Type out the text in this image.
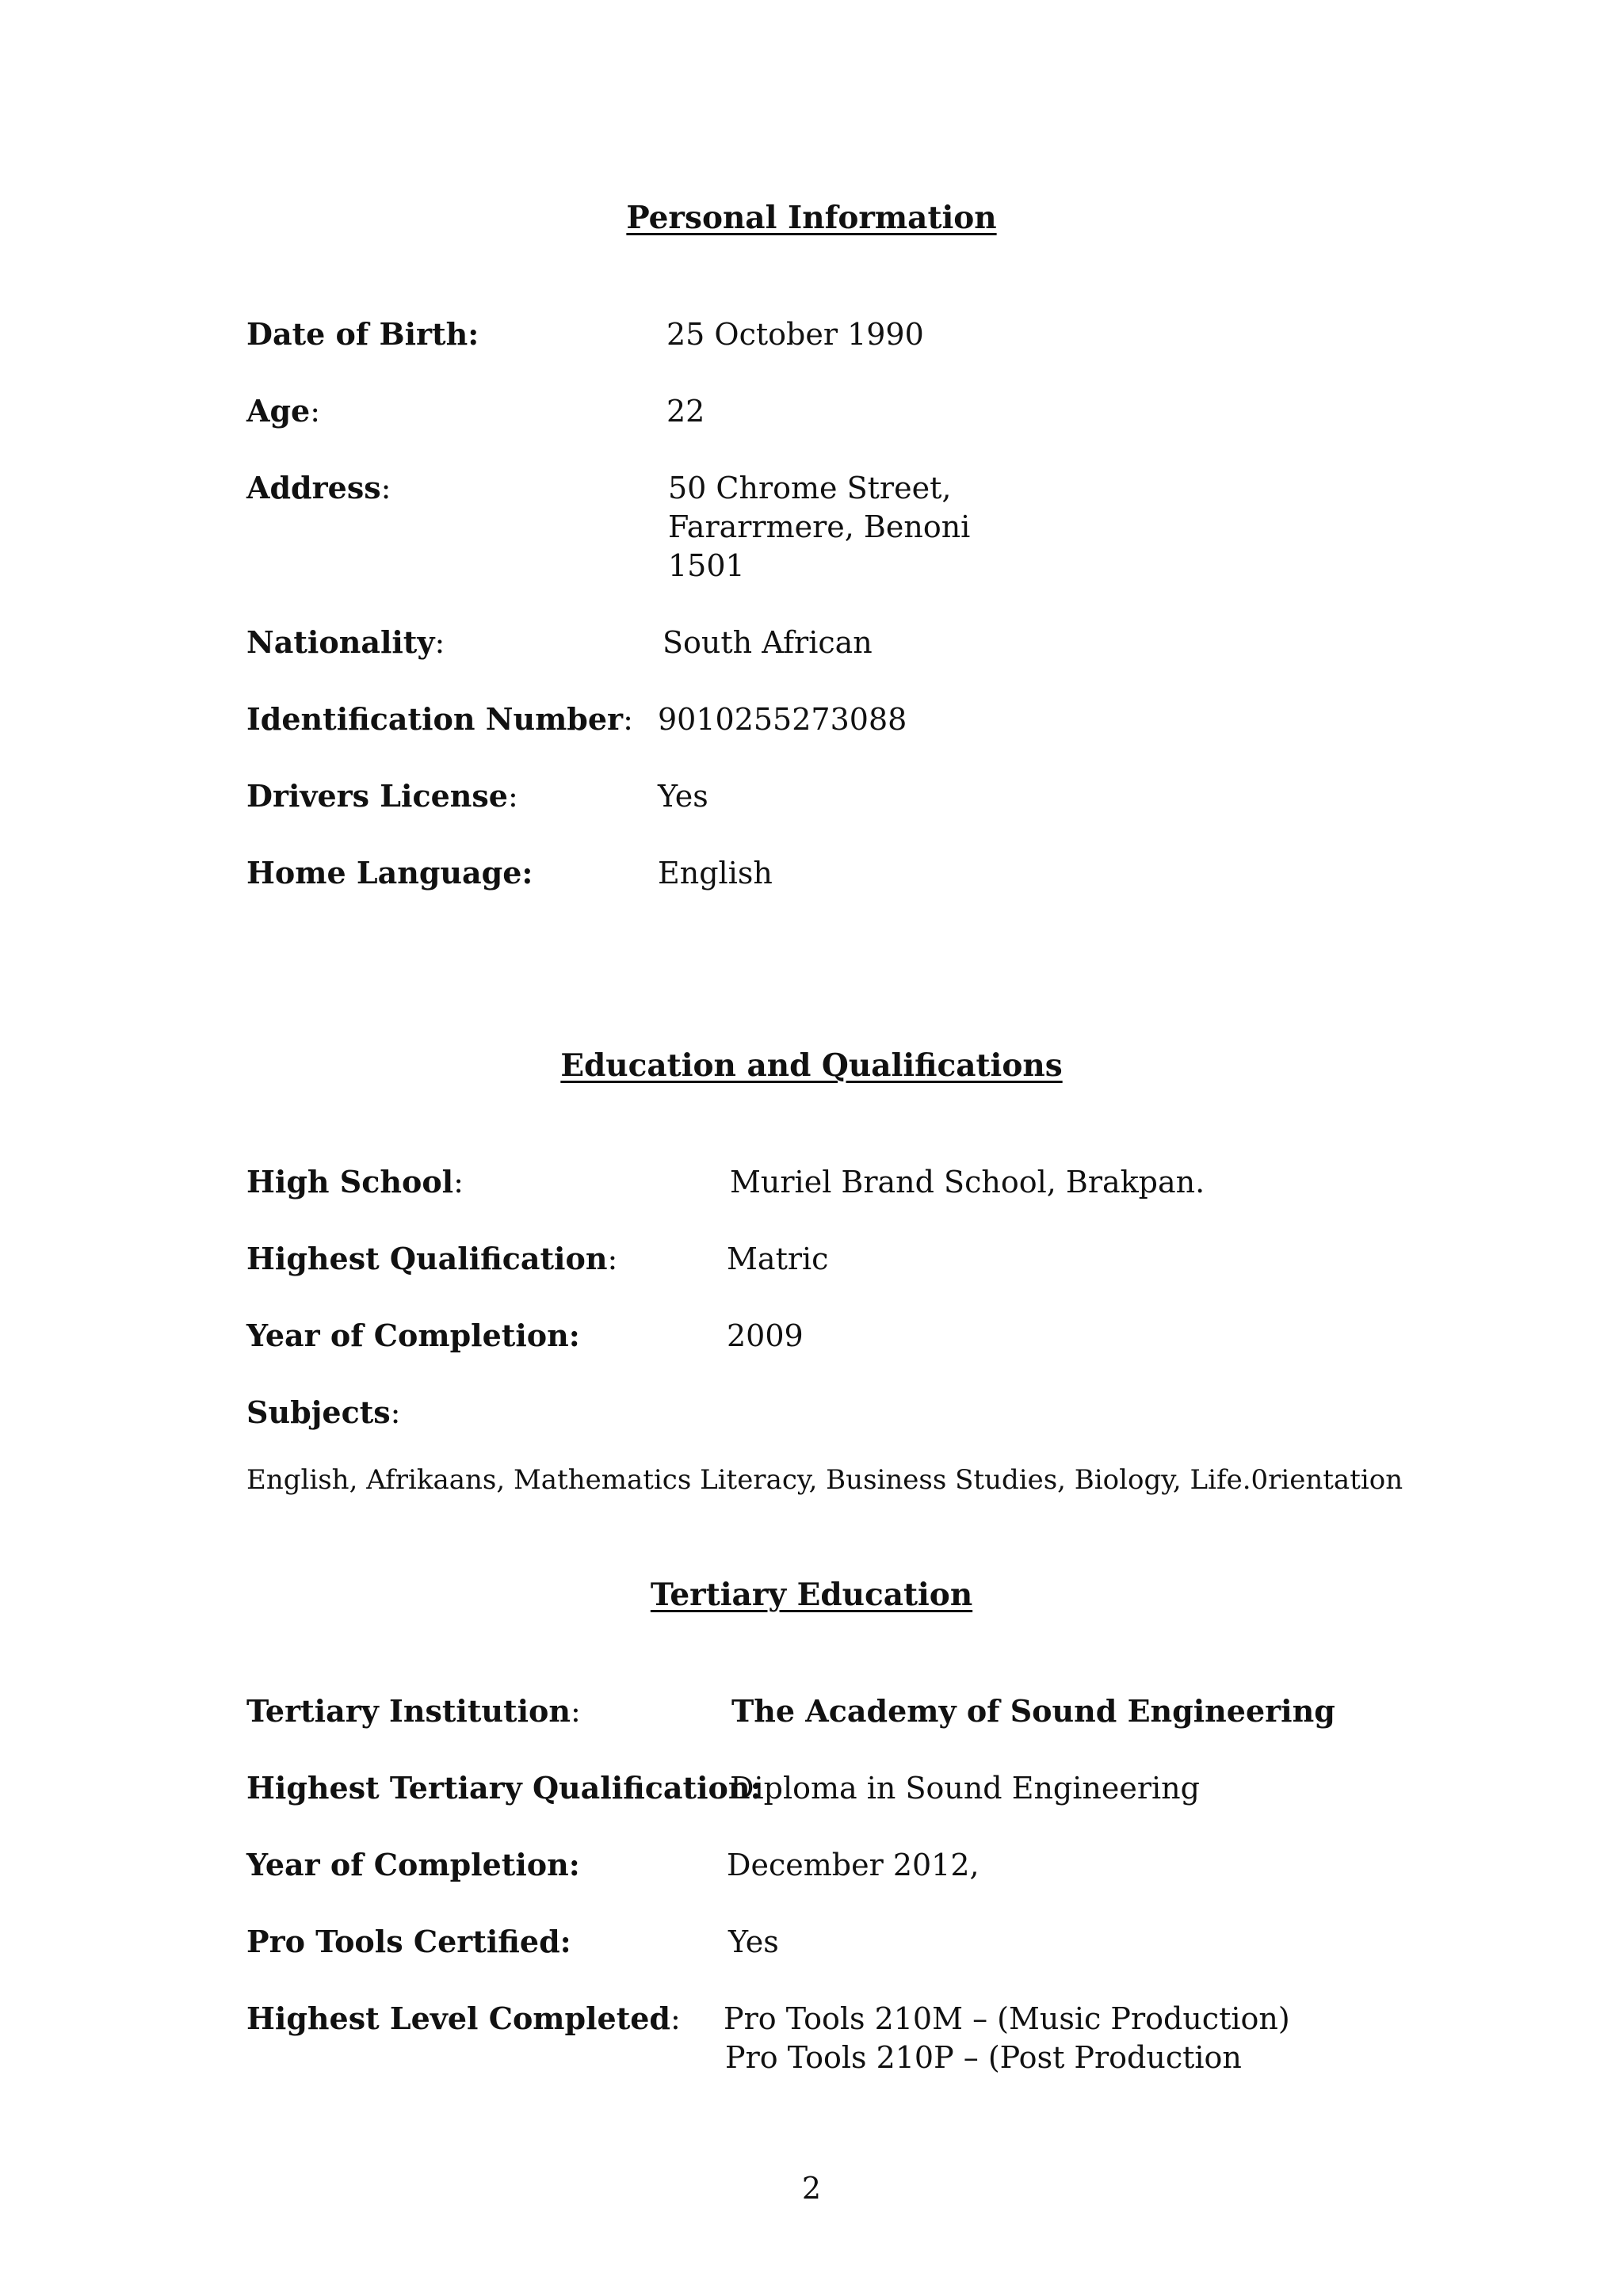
Personal Information
Date of Birth:	25 October 1990
Age:	22
Address:	50 Chrome Street,
Fararrmere, Benoni
1501
Nationality:	South African
Identification Number: 9010255273088
Drivers License:	Yes
Home Language:	English
Education and Qualifications
High School:	Muriel Brand School, Brakpan.
Highest Qualification:	Matric
Year of Completion:	2009
Subjects:
English, Afrikaans, Mathematics Literacy, Business Studies, Biology, Life.0rientation
Tertiary Education
Tertiary Institution:	The Academy of Sound Engineering
Highest Tertiary Qualification:
Diploma in Sound Engineering
Year of Completion:	December 2012,
Pro Tools Certified:	Yes
Highest Level Completed: Pro Tools 210M – (Music Production)
Pro Tools 210P – (Post Production
2
